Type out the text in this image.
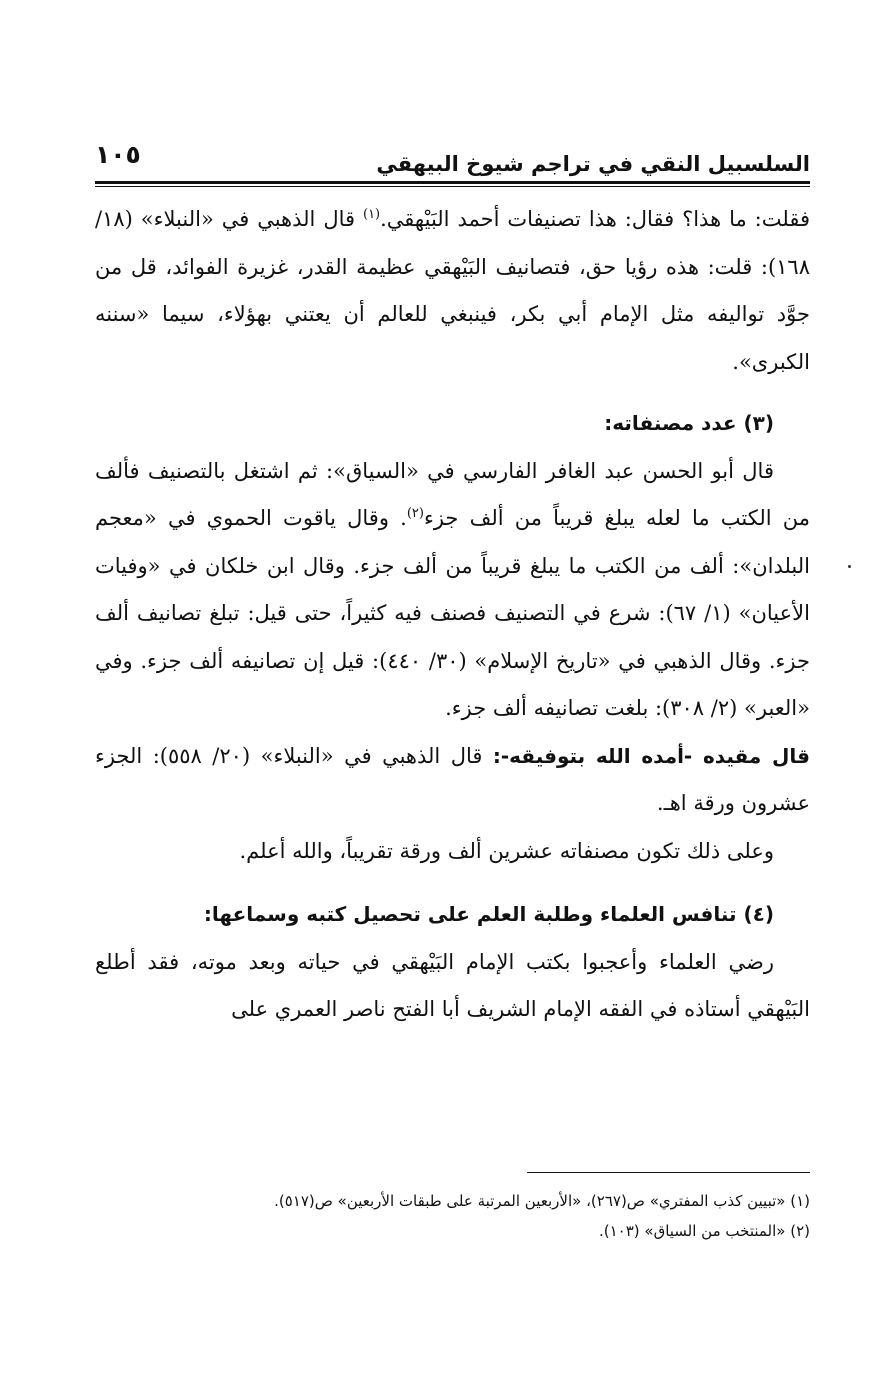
السلسبيل النقي في تراجم شيوخ البيهقي
١٠٥

فقلت: ما هذا؟ فقال: هذا تصنيفات أحمد البَيْهقي.$^{(١)}$ قال الذهبي في «النبلاء» (١٨/ ١٦٨): قلت: هذه رؤيا حق، فتصانيف البَيْهقي عظيمة القدر، غزيرة الفوائد، قل من جوَّد تواليفه مثل الإمام أبي بكر، فينبغي للعالم أن يعتني بهؤلاء، سيما «سننه الكبرى».

(٣) عدد مصنفاته:

قال أبو الحسن عبد الغافر الفارسي في «السياق»: ثم اشتغل بالتصنيف فألف من الكتب ما لعله يبلغ قريباً من ألف جزء$^{(٢)}$. وقال ياقوت الحموي في «معجم البلدان»: ألف من الكتب ما يبلغ قريباً من ألف جزء. وقال ابن خلكان في «وفيات الأعيان» (١/ ٦٧): شرع في التصنيف فصنف فيه كثيراً، حتى قيل: تبلغ تصانيف ألف جزء. وقال الذهبي في «تاريخ الإسلام» (٣٠/ ٤٤٠): قيل إن تصانيفه ألف جزء. وفي «العبر» (٢/ ٣٠٨): بلغت تصانيفه ألف جزء.

قال مقيده -أمده الله بتوفيقه-: قال الذهبي في «النبلاء» (٢٠/ ٥٥٨): الجزء عشرون ورقة اهـ.

وعلى ذلك تكون مصنفاته عشرين ألف ورقة تقريباً، والله أعلم.

(٤) تنافس العلماء وطلبة العلم على تحصيل كتبه وسماعها:

رضي العلماء وأعجبوا بكتب الإمام البَيْهقي في حياته وبعد موته، فقد أطلع البَيْهقي أستاذه في الفقه الإمام الشريف أبا الفتح ناصر العمري على

(١) «تبيين كذب المفتري» ص(٢٦٧)، «الأربعين المرتبة على طبقات الأربعين» ص(٥١٧).

(٢) «المنتخب من السياق» (١٠٣).
